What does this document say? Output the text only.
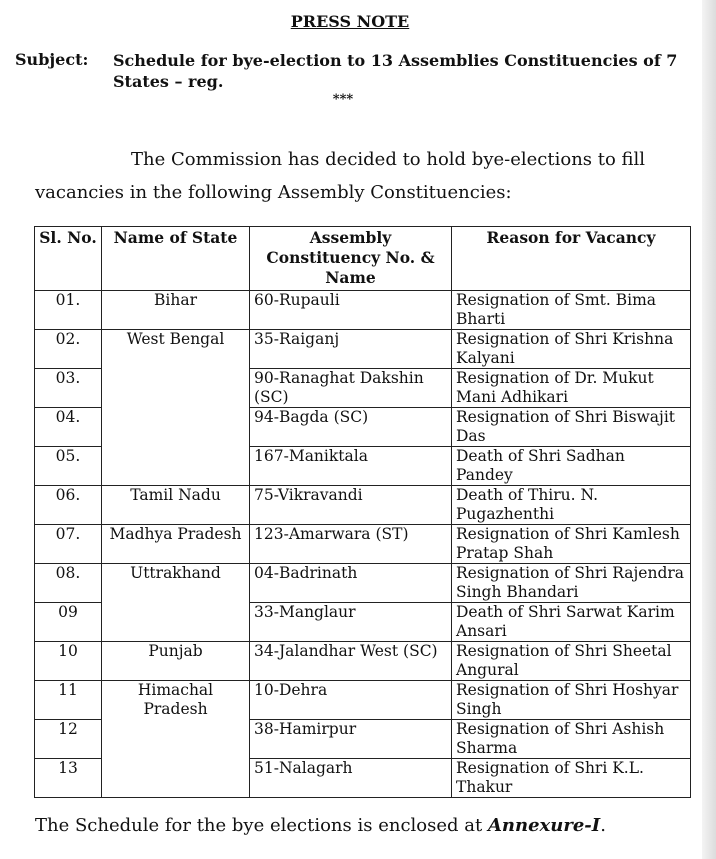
PRESS NOTE
Subject: Schedule for bye-election to 13 Assemblies Constituencies of 7 States – reg.
***
The Commission has decided to hold bye-elections to fill vacancies in the following Assembly Constituencies:
Sl. No.	Name of State	Assembly Constituency No. & Name	Reason for Vacancy
01.	Bihar	60-Rupauli	Resignation of Smt. Bima Bharti
02.	West Bengal	35-Raiganj	Resignation of Shri Krishna Kalyani
03.		90-Ranaghat Dakshin (SC)	Resignation of Dr. Mukut Mani Adhikari
04.		94-Bagda (SC)	Resignation of Shri Biswajit Das
05.		167-Maniktala	Death of Shri Sadhan Pandey
06.	Tamil Nadu	75-Vikravandi	Death of Thiru. N. Pugazhenthi
07.	Madhya Pradesh	123-Amarwara (ST)	Resignation of Shri Kamlesh Pratap Shah
08.	Uttrakhand	04-Badrinath	Resignation of Shri Rajendra Singh Bhandari
09		33-Manglaur	Death of Shri Sarwat Karim Ansari
10	Punjab	34-Jalandhar West (SC)	Resignation of Shri Sheetal Angural
11	Himachal Pradesh	10-Dehra	Resignation of Shri Hoshyar Singh
12		38-Hamirpur	Resignation of Shri Ashish Sharma
13		51-Nalagarh	Resignation of Shri K.L. Thakur
The Schedule for the bye elections is enclosed at Annexure-I.
